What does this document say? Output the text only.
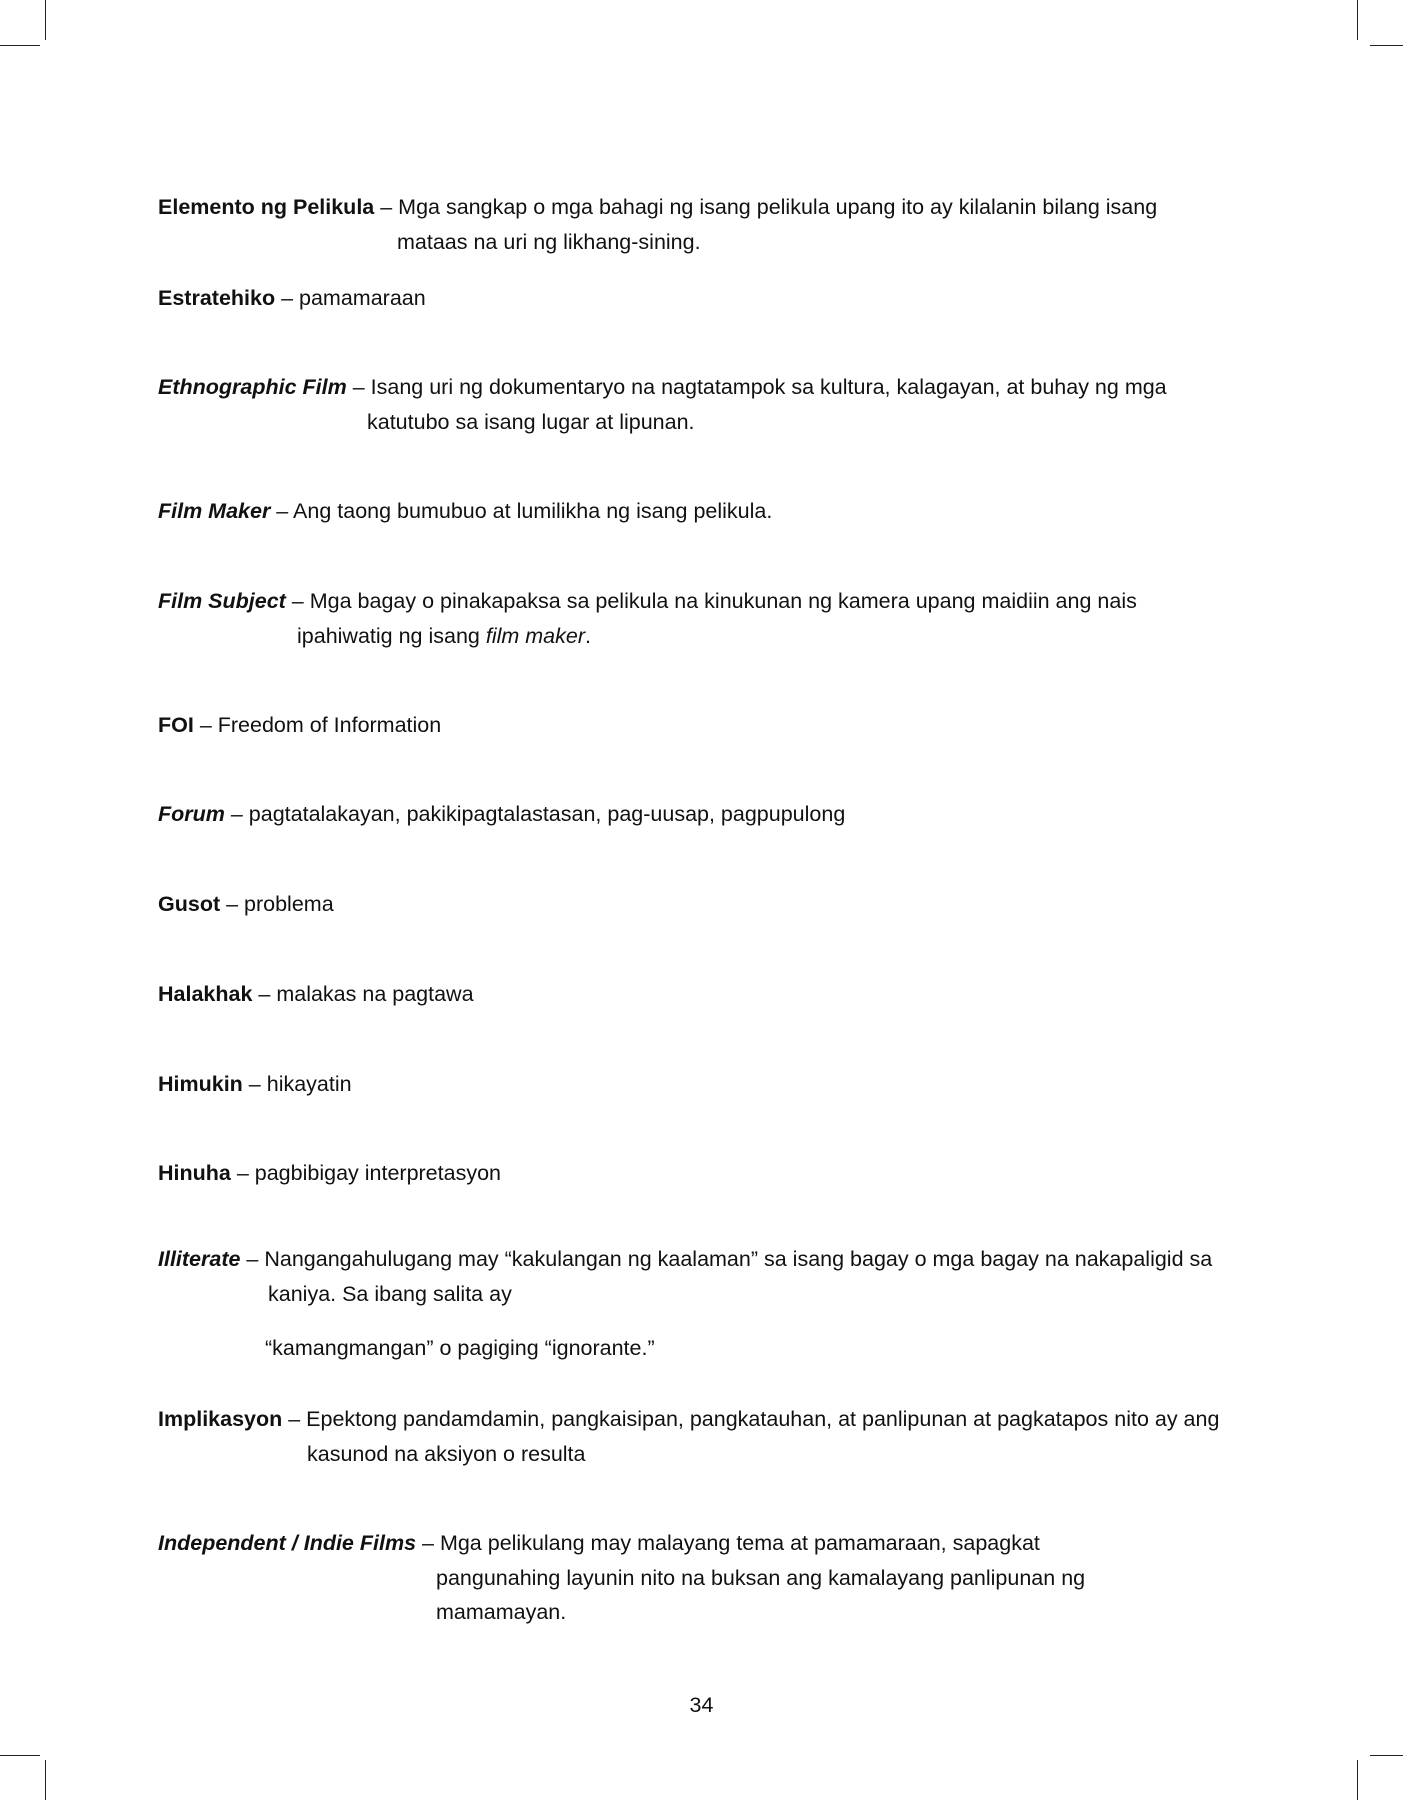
Elemento ng Pelikula – Mga sangkap o mga bahagi ng isang pelikula upang ito ay kilalanin bilang isang
mataas na uri ng likhang-sining.
Estratehiko – pamamaraan
Ethnographic Film – Isang uri ng dokumentaryo na nagtatampok sa kultura, kalagayan, at buhay ng mga
katutubo sa isang lugar at lipunan.
Film Maker – Ang taong bumubuo at lumilikha ng isang pelikula.
Film Subject – Mga bagay o pinakapaksa sa pelikula na kinukunan ng kamera upang maidiin ang nais
ipahiwatig ng isang film maker.
FOI – Freedom of Information
Forum – pagtatalakayan, pakikipagtalastasan, pag-uusap, pagpupulong
Gusot – problema
Halakhak – malakas na pagtawa
Himukin – hikayatin
Hinuha – pagbibigay interpretasyon
Illiterate – Nangangahulugang may “kakulangan ng kaalaman” sa isang bagay o mga bagay na nakapaligid sa
kaniya. Sa ibang salita ay
“kamangmangan” o pagiging “ignorante.”
Implikasyon – Epektong pandamdamin, pangkaisipan, pangkatauhan, at panlipunan at pagkatapos nito ay ang
kasunod na aksiyon o resulta
Independent / Indie Films – Mga pelikulang may malayang tema at pamamaraan, sapagkat
pangunahing layunin nito na buksan ang kamalayang panlipunan ng
mamamayan.
34
